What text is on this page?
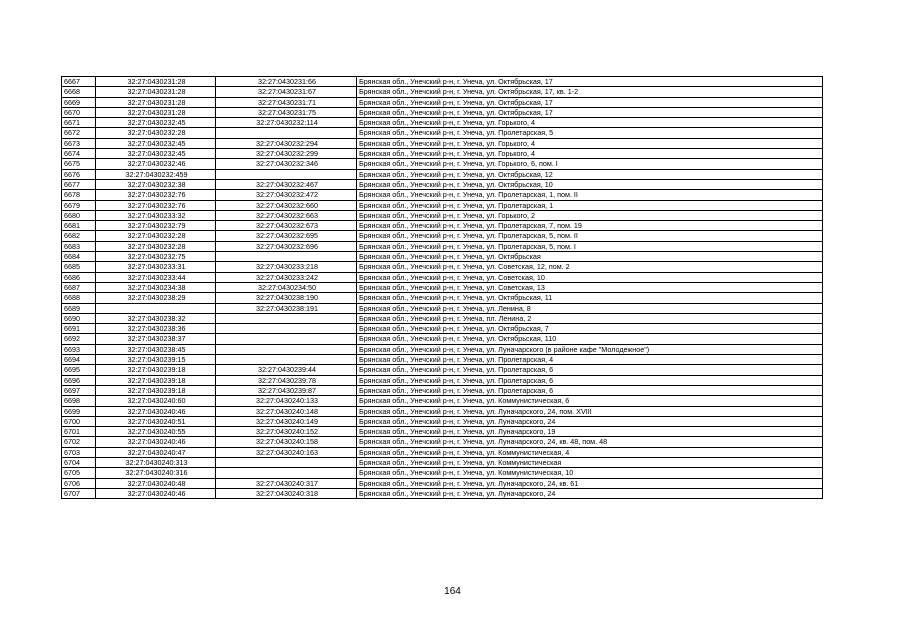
6667	32:27:0430231:28	32:27:0430231:66	Брянская обл., Унечский р-н, г. Унеча, ул. Октябрьская, 17
6668	32:27:0430231:28	32:27:0430231:67	Брянская обл., Унечский р-н, г. Унеча, ул. Октябрьская, 17, кв. 1-2
6669	32:27:0430231:28	32:27:0430231:71	Брянская обл., Унечский р-н, г. Унеча, ул. Октябрьская, 17
6670	32:27:0430231:28	32:27:0430231:75	Брянская обл., Унечский р-н, г. Унеча, ул. Октябрьская, 17
6671	32:27:0430232:45	32:27:0430232:114	Брянская обл., Унечский р-н, г. Унеча, ул. Горького, 4
6672	32:27:0430232:28		Брянская обл., Унечский р-н, г. Унеча, ул. Пролетарская, 5
6673	32:27:0430232:45	32:27:0430232:294	Брянская обл., Унечский р-н, г. Унеча, ул. Горького, 4
6674	32:27:0430232:45	32:27:0430232:299	Брянская обл., Унечский р-н, г. Унеча, ул. Горького, 4
6675	32:27:0430232:46	32:27:0430232:346	Брянская обл., Унечский р-н, г. Унеча, ул. Горького, 6, пом. I
6676	32:27:0430232:459		Брянская обл., Унечский р-н, г. Унеча, ул. Октябрьская, 12
6677	32:27:0430232:38	32:27:0430232:467	Брянская обл., Унечский р-н, г. Унеча, ул. Октябрьская, 10
6678	32:27:0430232:76	32:27:0430232:472	Брянская обл., Унечский р-н, г. Унеча, ул. Пролетарская, 1, пом. II
6679	32:27:0430232:76	32:27:0430232:660	Брянская обл., Унечский р-н, г. Унеча, ул. Пролетарская, 1
6680	32:27:0430233:32	32:27:0430232:663	Брянская обл., Унечский р-н, г. Унеча, ул. Горького, 2
6681	32:27:0430232:79	32:27:0430232:673	Брянская обл., Унечский р-н, г. Унеча, ул. Пролетарская, 7, пом. 19
6682	32:27:0430232:28	32:27:0430232:695	Брянская обл., Унечский р-н, г. Унеча, ул. Пролетарская, 5, пом. II
6683	32:27:0430232:28	32:27:0430232:696	Брянская обл., Унечский р-н, г. Унеча, ул. Пролетарская, 5, пом. I
6684	32:27:0430232:75		Брянская обл., Унечский р-н, г. Унеча, ул. Октябрьская
6685	32:27:0430233:31	32:27:0430233:218	Брянская обл., Унечский р-н, г. Унеча, ул. Советская, 12, пом. 2
6686	32:27:0430233:44	32:27:0430233:242	Брянская обл., Унечский р-н, г. Унеча, ул. Советская, 10
6687	32:27:0430234:38	32:27:0430234:50	Брянская обл., Унечский р-н, г. Унеча, ул. Советская, 13
6688	32:27:0430238:29	32:27:0430238:190	Брянская обл., Унечский р-н, г. Унеча, ул. Октябрьская, 11
6689		32:27:0430238:191	Брянская обл., Унечский р-н, г. Унеча, ул. Ленина, 8
6690	32:27:0430238:32		Брянская обл., Унечский р-н, г. Унеча, пл. Ленина, 2
6691	32:27:0430238:36		Брянская обл., Унечский р-н, г. Унеча, ул. Октябрьская, 7
6692	32:27:0430238:37		Брянская обл., Унечский р-н, г. Унеча, ул. Октябрьская, 110
6693	32:27:0430238:45		Брянская обл., Унечский р-н, г. Унеча, ул. Луначарского (в районе кафе "Молодежное")
6694	32:27:0430239:15		Брянская обл., Унечский р-н, г. Унеча, ул. Пролетарская, 4
6695	32:27:0430239:18	32:27:0430239:44	Брянская обл., Унечский р-н, г. Унеча, ул. Пролетарская, 6
6696	32:27:0430239:18	32:27:0430239:78	Брянская обл., Унечский р-н, г. Унеча, ул. Пролетарская, 6
6697	32:27:0430239:18	32:27:0430239:87	Брянская обл., Унечский р-н, г. Унеча, ул. Пролетарская, 6
6698	32:27:0430240:60	32:27:0430240:133	Брянская обл., Унечский р-н, г. Унеча, ул. Коммунистическая, 6
6699	32:27:0430240:46	32:27:0430240:148	Брянская обл., Унечский р-н, г. Унеча, ул. Луначарского, 24, пом. XVIII
6700	32:27:0430240:51	32:27:0430240:149	Брянская обл., Унечский р-н, г. Унеча, ул. Луначарского, 24
6701	32:27:0430240:55	32:27:0430240:152	Брянская обл., Унечский р-н, г. Унеча, ул. Луначарского, 19
6702	32:27:0430240:46	32:27:0430240:158	Брянская обл., Унечский р-н, г. Унеча, ул. Луначарского, 24, кв. 48, пом. 48
6703	32:27:0430240:47	32:27:0430240:163	Брянская обл., Унечский р-н, г. Унеча, ул. Коммунистическая, 4
6704	32:27:0430240:313		Брянская обл., Унечский р-н, г. Унеча, ул. Коммунистическая
6705	32:27:0430240:316		Брянская обл., Унечский р-н, г. Унеча, ул. Коммунистическая, 10
6706	32:27:0430240:48	32:27:0430240:317	Брянская обл., Унечский р-н, г. Унеча, ул. Луначарского, 24, кв. 61
6707	32:27:0430240:46	32:27:0430240:318	Брянская обл., Унечский р-н, г. Унеча, ул. Луначарского, 24
164
